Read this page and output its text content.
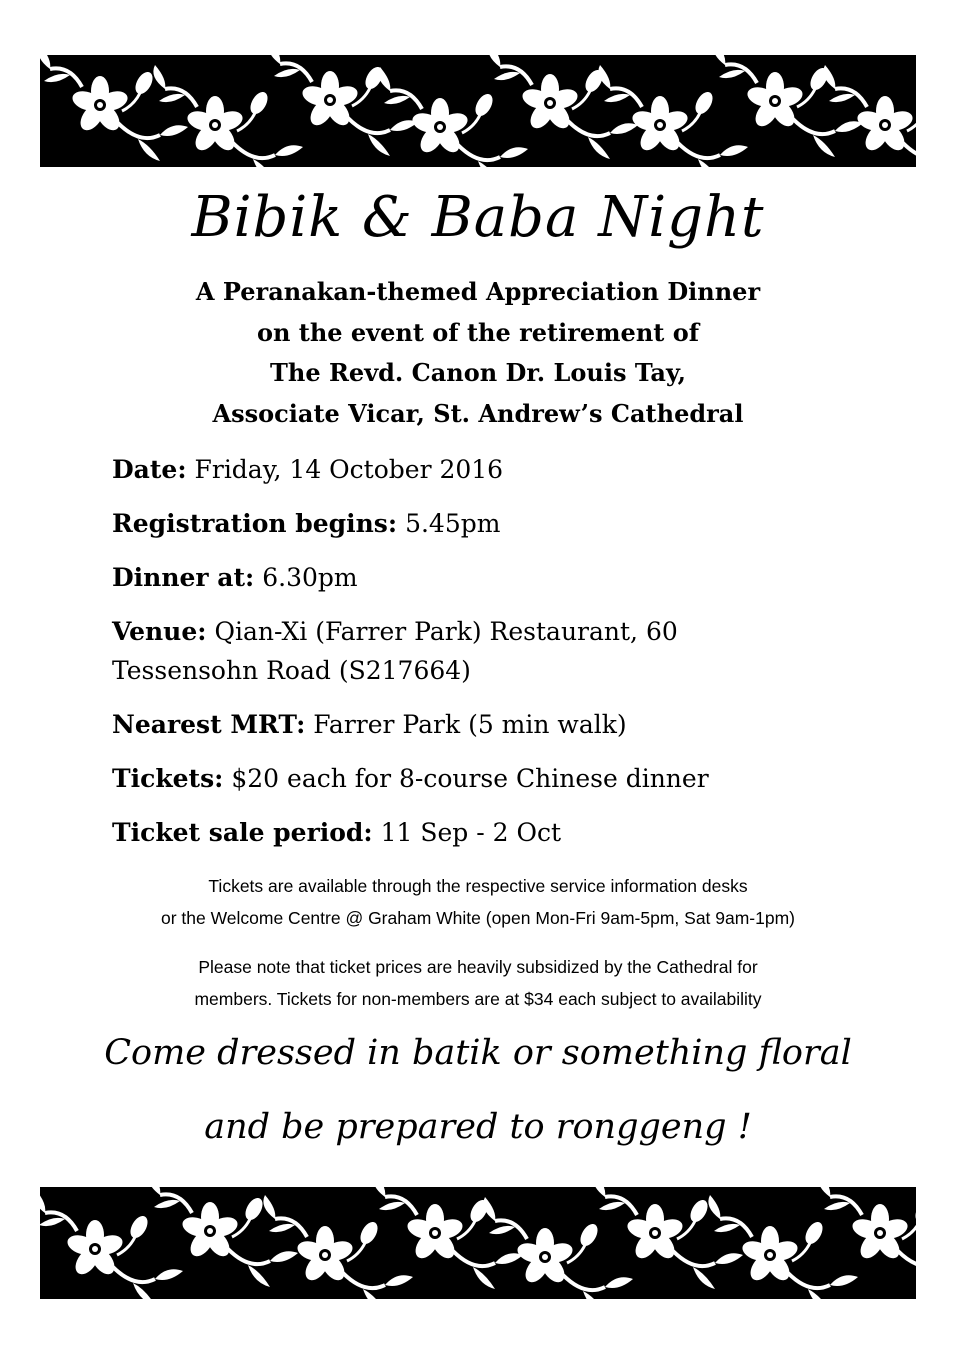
Bibik & Baba Night
A Peranakan-themed Appreciation Dinner
on the event of the retirement of
The Revd. Canon Dr. Louis Tay,
Associate Vicar, St. Andrew’s Cathedral
Date: Friday, 14 October 2016
Registration begins: 5.45pm
Dinner at: 6.30pm
Venue: Qian-Xi (Farrer Park) Restaurant, 60
Tessensohn Road (S217664)
Nearest MRT: Farrer Park (5 min walk)
Tickets: $20 each for 8-course Chinese dinner
Ticket sale period: 11 Sep - 2 Oct
Tickets are available through the respective service information desks
or the Welcome Centre @ Graham White (open Mon-Fri 9am-5pm, Sat 9am-1pm)
Please note that ticket prices are heavily subsidized by the Cathedral for
members. Tickets for non-members are at $34 each subject to availability
Come dressed in batik or something floral
and be prepared to ronggeng !
